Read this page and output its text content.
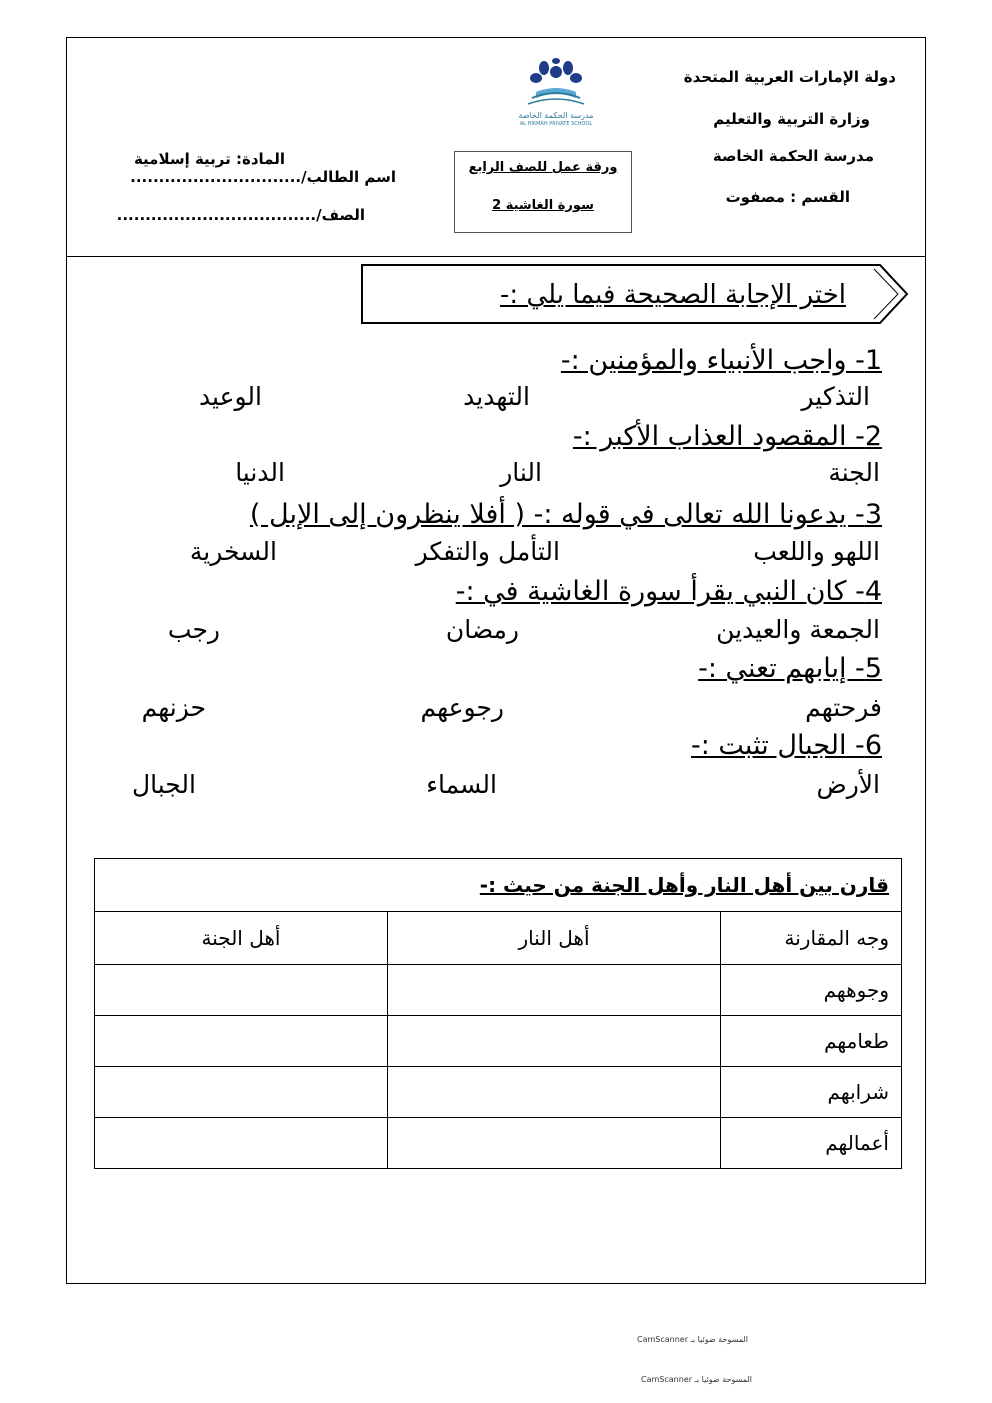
دولة الإمارات العربية المتحدة
وزارة التربية والتعليم
مدرسة الحكمة الخاصة
القسم : مصفوت
المادة: تربية إسلامية
اسم الطالب/..............................
الصف/...................................
مدرسة الحكمة الخاصة
AL HIKMAH PRIVATE SCHOOL
ورقة عمل للصف الرابع
سورة الغاشية 2
اختر الإجابة الصحيحة فيما يلي :-
1- واجب الأنبياء والمؤمنين :-
التذكير
التهديد
الوعيد
2- المقصود العذاب الأكبر :-
الجنة
النار
الدنيا
3- يدعونا الله تعالى في قوله :- ( أفلا ينظرون إلى الإبل )
اللهو واللعب
التأمل والتفكر
السخرية
4- كان النبي يقرأ سورة الغاشية في :-
الجمعة والعيدين
رمضان
رجب
5- إيابهم تعني :-
فرحتهم
رجوعهم
حزنهم
6- الجبال تثبت :-
الأرض
السماء
الجبال
قارن بين أهل النار وأهل الجنة من حيث :-		
وجه المقارنة	أهل النار	أهل الجنة
وجوههم		
طعامهم		
شرابهم		
أعمالهم		
CamScanner المسوحة ضوئيا بـ
CamScanner المسوحة ضوئيا بـ
